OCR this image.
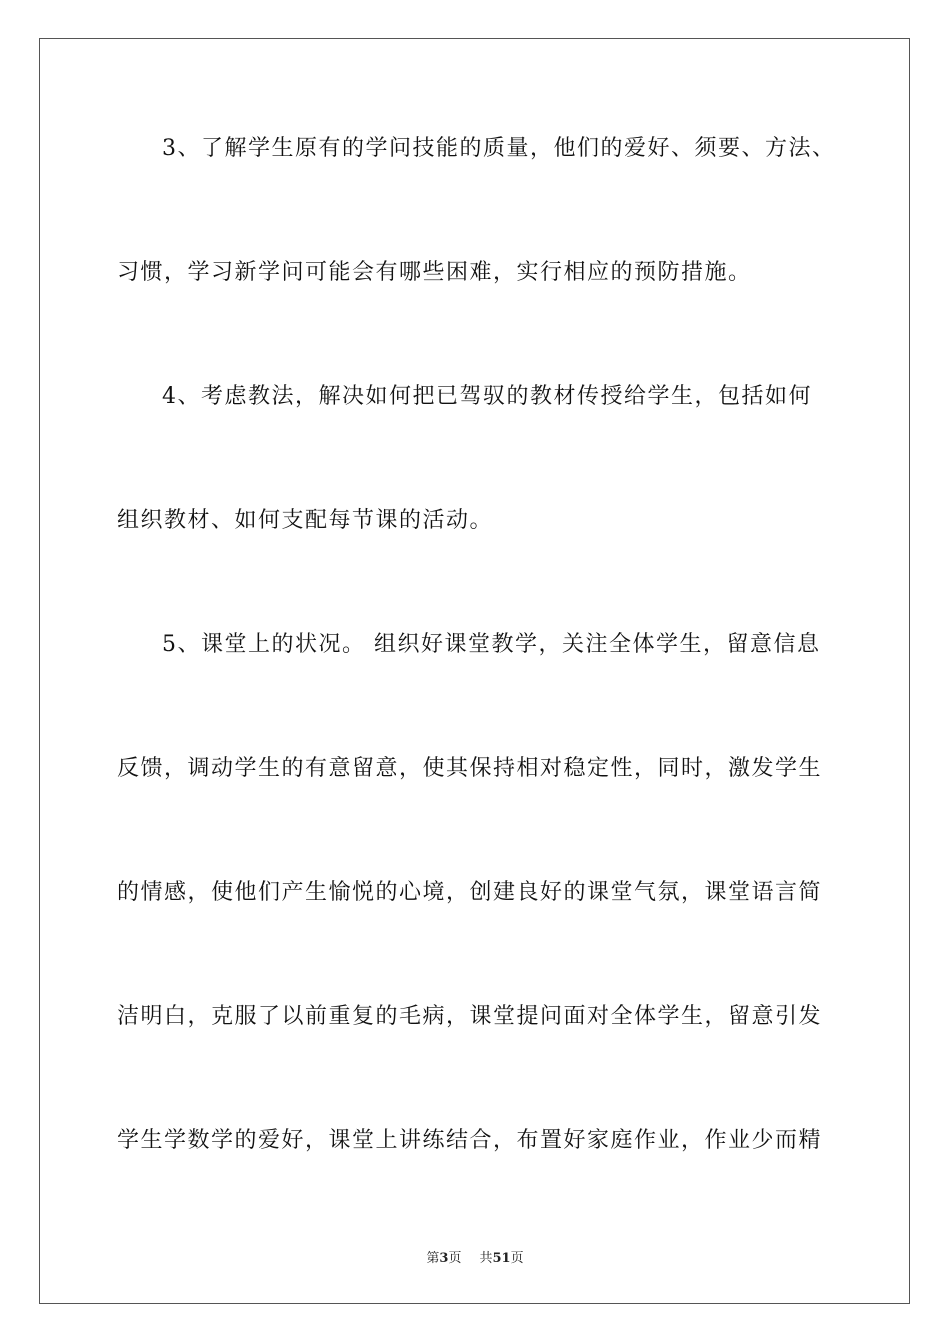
3、了解学生原有的学问技能的质量，他们的爱好、须要、方法、
习惯，学习新学问可能会有哪些困难，实行相应的预防措施。
4、考虑教法，解决如何把已驾驭的教材传授给学生，包括如何
组织教材、如何支配每节课的活动。
5、课堂上的状况。 组织好课堂教学，关注全体学生，留意信息
反馈，调动学生的有意留意，使其保持相对稳定性，同时，激发学生
的情感，使他们产生愉悦的心境，创建良好的课堂气氛，课堂语言简
洁明白，克服了以前重复的毛病，课堂提问面对全体学生，留意引发
学生学数学的爱好，课堂上讲练结合，布置好家庭作业，作业少而精
第3页 共51页
